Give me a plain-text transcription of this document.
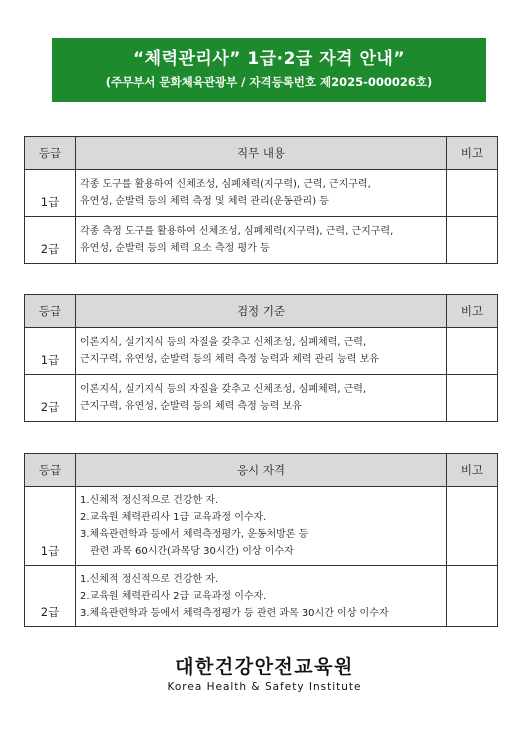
“체력관리사” 1급·2급 자격 안내”
(주무부서 문화체육관광부 / 자격등록번호 제2025-000026호)
등급	직무 내용	비고
1급	각종 도구를 활용하여 신체조성, 심폐체력(지구력), 근력, 근지구력,
유연성, 순발력 등의 체력 측정 및 체력 관리(운동관리) 등	

2급	각종 측정 도구를 활용하여 신체조성, 심폐체력(지구력), 근력, 근지구력,
유연성, 순발력 등의 체력 요소 측정 평가 등	

등급	검정 기준	비고
1급	이론지식, 실기지식 등의 자질을 갖추고 신체조성, 심폐체력, 근력,
근지구력, 유연성, 순발력 등의 체력 측정 능력과 체력 관리 능력 보유	

2급	이론지식, 실기지식 등의 자질을 갖추고 신체조성, 심폐체력, 근력,
근지구력, 유연성, 순발력 등의 체력 측정 능력 보유	

등급	응시 자격	비고
1급	1.신체적 정신적으로 건강한 자.
2.교육원 체력관리사 1급 교육과정 이수자.
3.체육관련학과 등에서 체력측정평가, 운동처방론 등
관련 과목 60시간(과목당 30시간) 이상 이수자	

2급	1.신체적 정신적으로 건강한 자.
2.교육원 체력관리사 2급 교육과정 이수자.
3.체육관련학과 등에서 체력측정평가 등 관련 과목 30시간 이상 이수자	

대한건강안전교육원
Korea Health & Safety Institute
